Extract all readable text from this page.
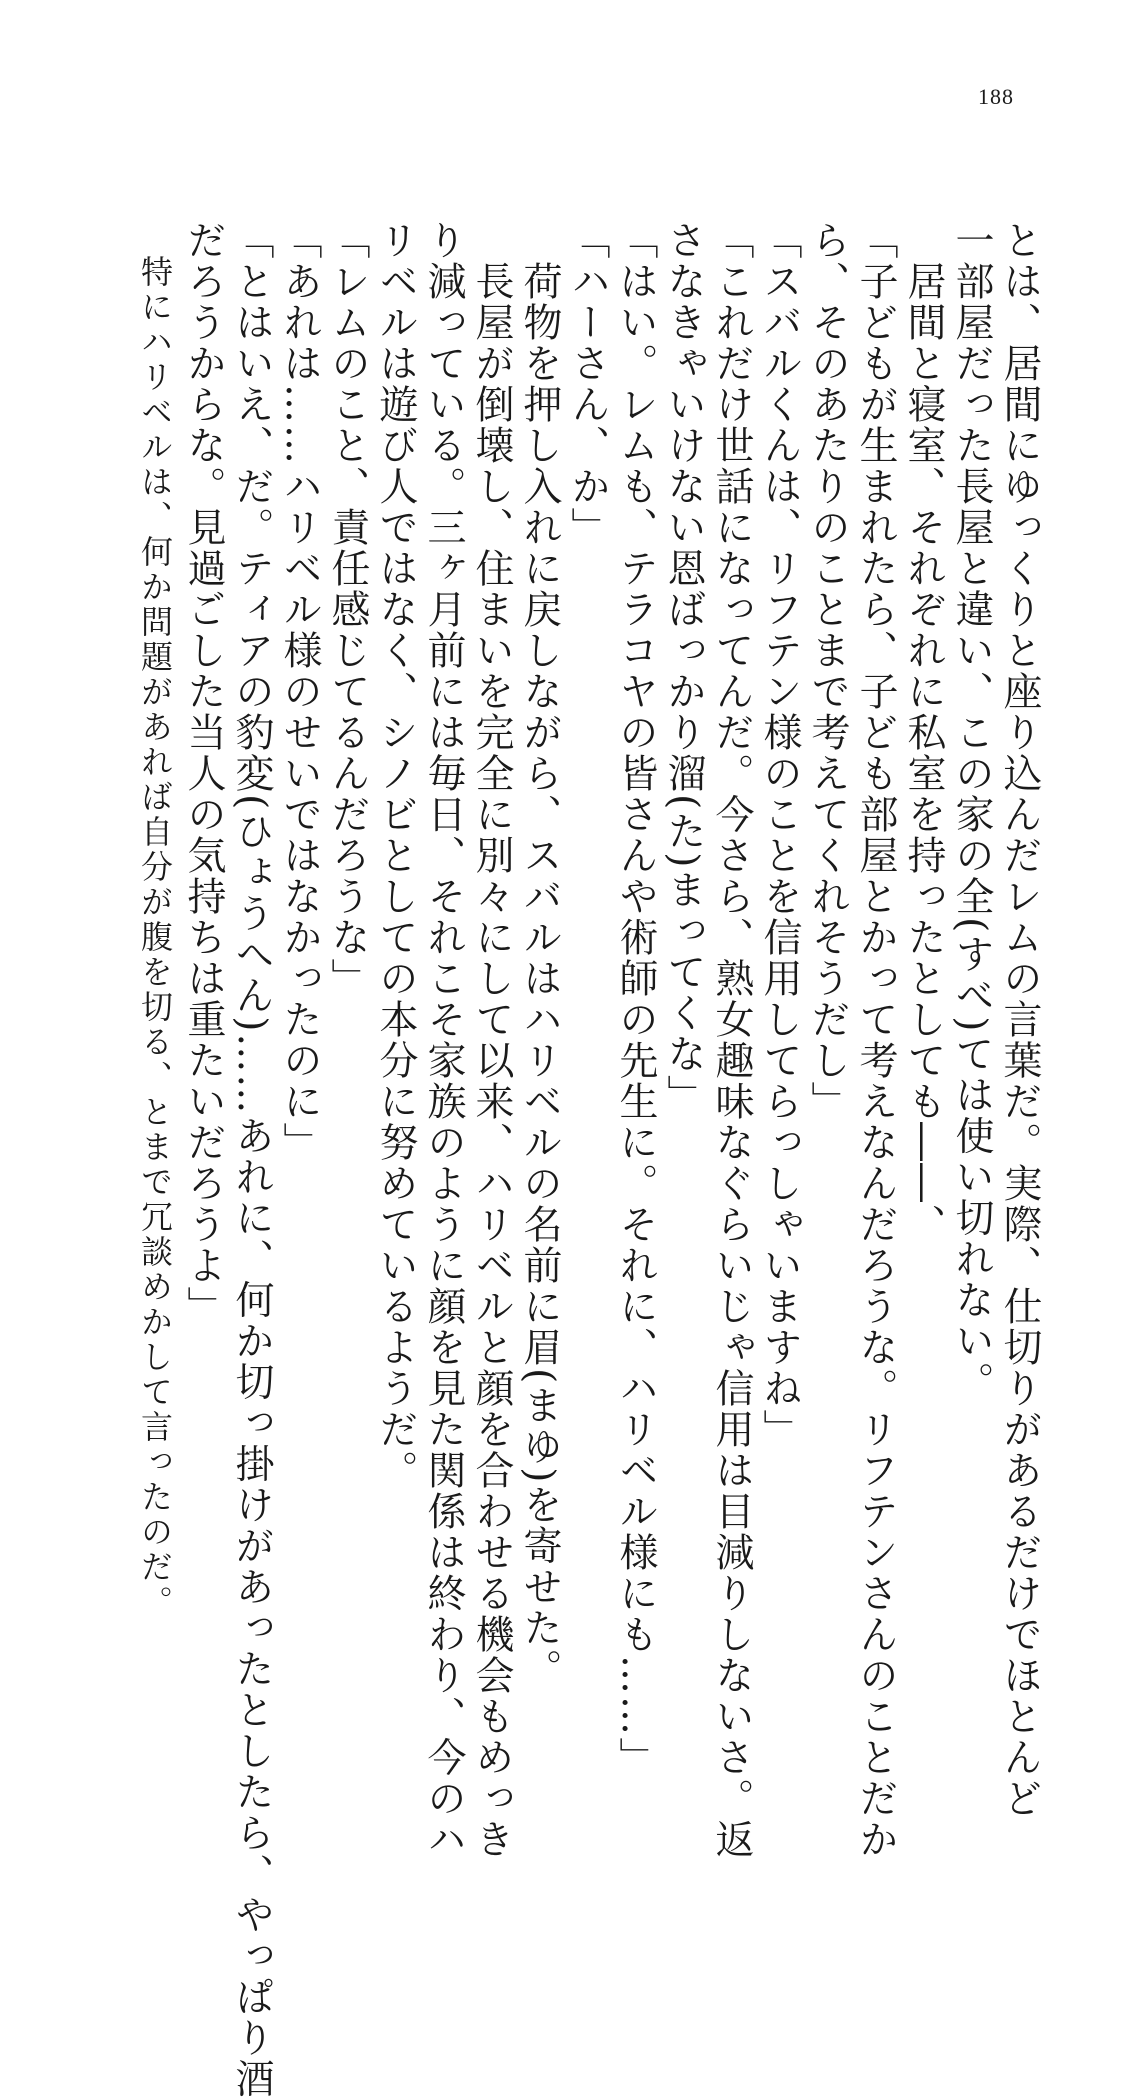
188
とは、居間にゆっくりと座り込んだレムの言葉だ。実際、仕切りがあるだけでほとんど
一部屋だった長屋と違い、この家の全(すべ)ては使い切れない。
　居間と寝室、それぞれに私室を持ったとしても――、
「子どもが生まれたら、子ども部屋とかって考えなんだろうな。リフテンさんのことだか
ら、そのあたりのことまで考えてくれそうだし」
「スバルくんは、リフテン様のことを信用してらっしゃいますね」
「これだけ世話になってんだ。今さら、熟女趣味なぐらいじゃ信用は目減りしないさ。返
さなきゃいけない恩ばっかり溜(た)まってくな」
「はい。レムも、テラコヤの皆さんや術師の先生に。それに、ハリベル様にも……」
「ハーさん、か」
　荷物を押し入れに戻しながら、スバルはハリベルの名前に眉(まゆ)を寄せた。
　長屋が倒壊し、住まいを完全に別々にして以来、ハリベルと顔を合わせる機会もめっき
り減っている。三ヶ月前には毎日、それこそ家族のように顔を見た関係は終わり、今のハ
リベルは遊び人ではなく、シノビとしての本分に努めているようだ。
「レムのこと、責任感じてるんだろうな」
「あれは……ハリベル様のせいではなかったのに」
「とはいえ、だ。ティアの豹変(ひょうへん)……あれに、何か切っ掛けがあったとしたら、やっぱり酒
だろうからな。見過ごした当人の気持ちは重たいだろうよ」
　特にハリベルは、何か問題があれば自分が腹を切る、とまで冗談めかして言ったのだ。
